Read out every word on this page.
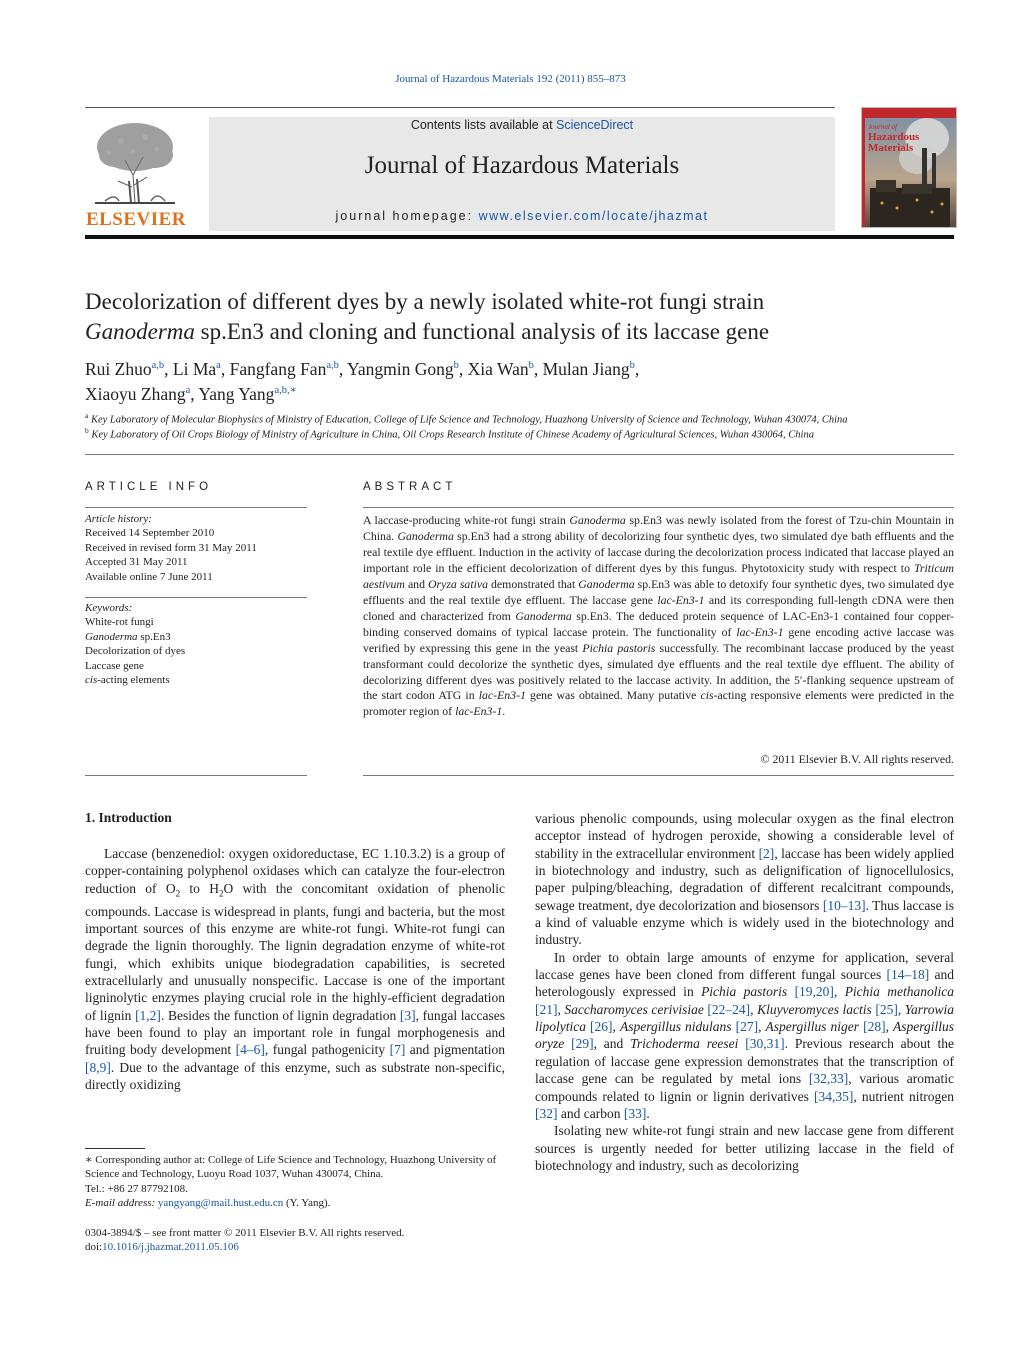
Journal of Hazardous Materials 192 (2011) 855–873
ELSEVIER
Contents lists available at ScienceDirect
Journal of Hazardous Materials
journal homepage: www.elsevier.com/locate/jhazmat
Journal of
Hazardous
Materials
Decolorization of different dyes by a newly isolated white-rot fungi strain
Ganoderma sp.En3 and cloning and functional analysis of its laccase gene
Rui Zhuo$^{a,b}$, Li Ma$^a$, Fangfang Fan$^{a,b}$, Yangmin Gong$^b$, Xia Wan$^b$, Mulan Jiang$^b$,
Xiaoyu Zhang$^a$, Yang Yang$^{a,b,∗}$
$^a$ Key Laboratory of Molecular Biophysics of Ministry of Education, College of Life Science and Technology, Huazhong University of Science and Technology, Wuhan 430074, China
$^b$ Key Laboratory of Oil Crops Biology of Ministry of Agriculture in China, Oil Crops Research Institute of Chinese Academy of Agricultural Sciences, Wuhan 430064, China
ARTICLE INFO
Article history:
Received 14 September 2010
Received in revised form 31 May 2011
Accepted 31 May 2011
Available online 7 June 2011
Keywords:
White-rot fungi
Ganoderma sp.En3
Decolorization of dyes
Laccase gene
cis-acting elements
ABSTRACT
A laccase-producing white-rot fungi strain Ganoderma sp.En3 was newly isolated from the forest of Tzu-chin Mountain in China. Ganoderma sp.En3 had a strong ability of decolorizing four synthetic dyes, two simulated dye bath effluents and the real textile dye effluent. Induction in the activity of laccase during the decolorization process indicated that laccase played an important role in the efficient decolorization of different dyes by this fungus. Phytotoxicity study with respect to Triticum aestivum and Oryza sativa demonstrated that Ganoderma sp.En3 was able to detoxify four synthetic dyes, two simulated dye effluents and the real textile dye effluent. The laccase gene lac-En3-1 and its corresponding full-length cDNA were then cloned and characterized from Ganoderma sp.En3. The deduced protein sequence of LAC-En3-1 contained four copper-binding conserved domains of typical laccase protein. The functionality of lac-En3-1 gene encoding active laccase was verified by expressing this gene in the yeast Pichia pastoris successfully. The recombinant laccase produced by the yeast transformant could decolorize the synthetic dyes, simulated dye effluents and the real textile dye effluent. The ability of decolorizing different dyes was positively related to the laccase activity. In addition, the 5′-flanking sequence upstream of the start codon ATG in lac-En3-1 gene was obtained. Many putative cis-acting responsive elements were predicted in the promoter region of lac-En3-1.
© 2011 Elsevier B.V. All rights reserved.
1. Introduction

Laccase (benzenediol: oxygen oxidoreductase, EC 1.10.3.2) is a group of copper-containing polyphenol oxidases which can catalyze the four-electron reduction of $O_2$ to $H_2O$ with the concomitant oxidation of phenolic compounds. Laccase is widespread in plants, fungi and bacteria, but the most important sources of this enzyme are white-rot fungi. White-rot fungi can degrade the lignin thoroughly. The lignin degradation enzyme of white-rot fungi, which exhibits unique biodegradation capabilities, is secreted extracellularly and unusually nonspecific. Laccase is one of the important ligninolytic enzymes playing crucial role in the highly-efficient degradation of lignin [1,2]. Besides the function of lignin degradation [3], fungal laccases have been found to play an important role in fungal morphogenesis and fruiting body development [4–6], fungal pathogenicity [7] and pigmentation [8,9]. Due to the advantage of this enzyme, such as substrate non-specific, directly oxidizing

various phenolic compounds, using molecular oxygen as the final electron acceptor instead of hydrogen peroxide, showing a considerable level of stability in the extracellular environment [2], laccase has been widely applied in biotechnology and industry, such as delignification of lignocellulosics, paper pulping/bleaching, degradation of different recalcitrant compounds, sewage treatment, dye decolorization and biosensors [10–13]. Thus laccase is a kind of valuable enzyme which is widely used in the biotechnology and industry.

In order to obtain large amounts of enzyme for application, several laccase genes have been cloned from different fungal sources [14–18] and heterologously expressed in Pichia pastoris [19,20], Pichia methanolica [21], Saccharomyces cerivisiae [22–24], Kluyveromyces lactis [25], Yarrowia lipolytica [26], Aspergillus nidulans [27], Aspergillus niger [28], Aspergillus oryze [29], and Trichoderma reesei [30,31]. Previous research about the regulation of laccase gene expression demonstrates that the transcription of laccase gene can be regulated by metal ions [32,33], various aromatic compounds related to lignin or lignin derivatives [34,35], nutrient nitrogen [32] and carbon [33].

Isolating new white-rot fungi strain and new laccase gene from different sources is urgently needed for better utilizing laccase in the field of biotechnology and industry, such as decolorizing

∗ Corresponding author at: College of Life Science and Technology, Huazhong University of Science and Technology, Luoyu Road 1037, Wuhan 430074, China.
Tel.: +86 27 87792108.
E-mail address: yangyang@mail.hust.edu.cn (Y. Yang).
0304-3894/$ – see front matter © 2011 Elsevier B.V. All rights reserved.
doi:10.1016/j.jhazmat.2011.05.106
